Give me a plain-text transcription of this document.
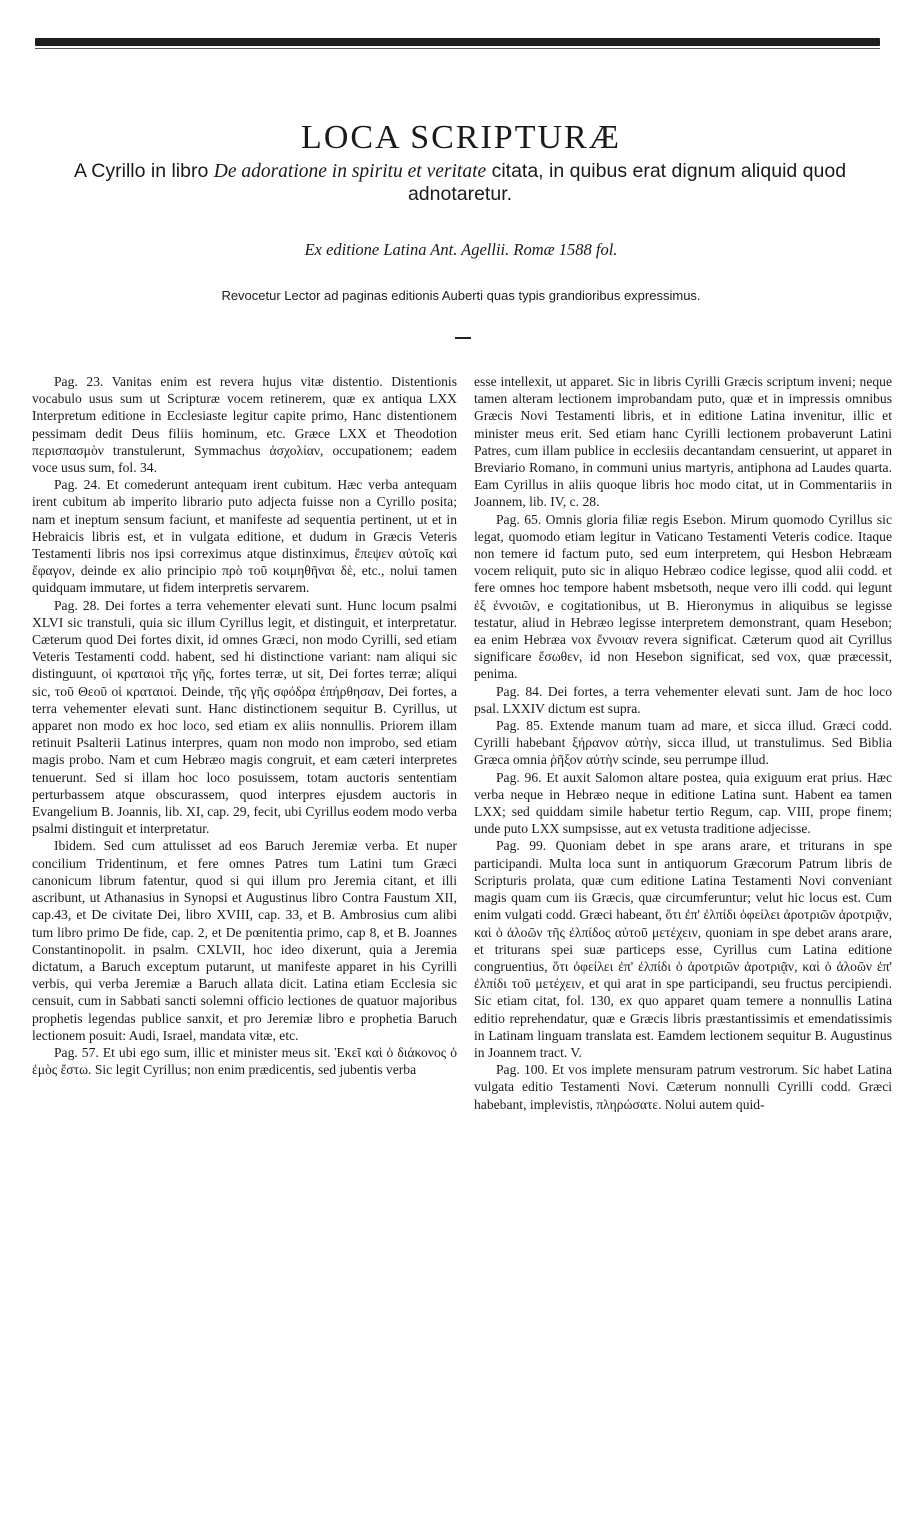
LOCA SCRIPTURÆ
A Cyrillo in libro De adoratione in spiritu et veritate citata, in quibus erat dignum aliquid quod adnotaretur.
Ex editione Latina Ant. Agellii. Romæ 1588 fol.
Revocetur Lector ad paginas editionis Auberti quas typis grandioribus expressimus.

Pag. 23. Vanitas enim est revera hujus vitæ distentio. Distentionis vocabulo usus sum ut Scripturæ vocem retinerem, quæ ex antiqua LXX Interpretum editione in Ecclesiaste legitur capite primo, Hanc distentionem pessimam dedit Deus filiis hominum, etc. Græce LXX et Theodotion περισπασμὸν transtulerunt, Symmachus ἀσχολίαν, occupationem; eadem voce usus sum, fol. 34.

Pag. 24. Et comederunt antequam irent cubitum. Hæc verba antequam irent cubitum ab imperito librario puto adjecta fuisse non a Cyrillo posita; nam et ineptum sensum faciunt, et manifeste ad sequentia pertinent, ut et in Hebraicis libris est, et in vulgata editione, et dudum in Græcis Veteris Testamenti libris nos ipsi correximus atque distinximus, ἔπεψεν αὐτοῖς καὶ ἔφαγον, deinde ex alio principio πρὸ τοῦ κοιμηθῆναι δὲ, etc., nolui tamen quidquam immutare, ut fidem interpretis servarem.

Pag. 28. Dei fortes a terra vehementer elevati sunt. Hunc locum psalmi XLVI sic transtuli, quia sic illum Cyrillus legit, et distinguit, et interpretatur. Cæterum quod Dei fortes dixit, id omnes Græci, non modo Cyrilli, sed etiam Veteris Testamenti codd. habent, sed hi distinctione variant: nam aliqui sic distinguunt, οἱ κραταιοὶ τῆς γῆς, fortes terræ, ut sit, Dei fortes terræ; aliqui sic, τοῦ Θεοῦ οἱ κραταιοί. Deinde, τῆς γῆς σφόδρα ἐπήρθησαν, Dei fortes, a terra vehementer elevati sunt. Hanc distinctionem sequitur B. Cyrillus, ut apparet non modo ex hoc loco, sed etiam ex aliis nonnullis. Priorem illam retinuit Psalterii Latinus interpres, quam non modo non improbo, sed etiam magis probo. Nam et cum Hebræo magis congruit, et eam cæteri interpretes tenuerunt. Sed si illam hoc loco posuissem, totam auctoris sententiam perturbassem atque obscurassem, quod interpres ejusdem auctoris in Evangelium B. Joannis, lib. XI, cap. 29, fecit, ubi Cyrillus eodem modo verba psalmi distinguit et interpretatur.

Ibidem. Sed cum attulisset ad eos Baruch Jeremiæ verba. Et nuper concilium Tridentinum, et fere omnes Patres tum Latini tum Græci canonicum librum fatentur, quod si qui illum pro Jeremia citant, et illi ascribunt, ut Athanasius in Synopsi et Augustinus libro Contra Faustum XII, cap.43, et De civitate Dei, libro XVIII, cap. 33, et B. Ambrosius cum alibi tum libro primo De fide, cap. 2, et De pœnitentia primo, cap 8, et B. Joannes Constantinopolit. in psalm. CXLVII, hoc ideo dixerunt, quia a Jeremia dictatum, a Baruch exceptum putarunt, ut manifeste apparet in his Cyrilli verbis, qui verba Jeremiæ a Baruch allata dicit. Latina etiam Ecclesia sic censuit, cum in Sabbati sancti solemni officio lectiones de quatuor majoribus prophetis legendas publice sanxit, et pro Jeremiæ libro e prophetia Baruch lectionem posuit: Audi, Israel, mandata vitæ, etc.

Pag. 57. Et ubi ego sum, illic et minister meus sit. Ἐκεῖ καὶ ὁ διάκονος ὁ ἐμὸς ἔστω. Sic legit Cyrillus; non enim prædicentis, sed jubentis verba

esse intellexit, ut apparet. Sic in libris Cyrilli Græcis scriptum inveni; neque tamen alteram lectionem improbandam puto, quæ et in impressis omnibus Græcis Novi Testamenti libris, et in editione Latina invenitur, illic et minister meus erit. Sed etiam hanc Cyrilli lectionem probaverunt Latini Patres, cum illam publice in ecclesiis decantandam censuerint, ut apparet in Breviario Romano, in communi unius martyris, antiphona ad Laudes quarta. Eam Cyrillus in aliis quoque libris hoc modo citat, ut in Commentariis in Joannem, lib. IV, c. 28.

Pag. 65. Omnis gloria filiæ regis Esebon. Mirum quomodo Cyrillus sic legat, quomodo etiam legitur in Vaticano Testamenti Veteris codice. Itaque non temere id factum puto, sed eum interpretem, qui Hesbon Hebræam vocem reliquit, puto sic in aliquo Hebræo codice legisse, quod alii codd. et fere omnes hoc tempore habent msbetsoth, neque vero illi codd. qui legunt ἐξ ἐννοιῶν, e cogitationibus, ut B. Hieronymus in aliquibus se legisse testatur, aliud in Hebræo legisse interpretem demonstrant, quam Hesebon; ea enim Hebræa vox ἔννοιαν revera significat. Cæterum quod ait Cyrillus significare ἔσωθεν, id non Hesebon significat, sed vox, quæ præcessit, penima.

Pag. 84. Dei fortes, a terra vehementer elevati sunt. Jam de hoc loco psal. LXXIV dictum est supra.

Pag. 85. Extende manum tuam ad mare, et sicca illud. Græci codd. Cyrilli habebant ξήρανον αὐτὴν, sicca illud, ut transtulimus. Sed Biblia Græca omnia ῥῆξον αὐτὴν scinde, seu perrumpe illud.

Pag. 96. Et auxit Salomon altare postea, quia exiguum erat prius. Hæc verba neque in Hebræo neque in editione Latina sunt. Habent ea tamen LXX; sed quiddam simile habetur tertio Regum, cap. VIII, prope finem; unde puto LXX sumpsisse, aut ex vetusta traditione adjecisse.

Pag. 99. Quoniam debet in spe arans arare, et triturans in spe participandi. Multa loca sunt in antiquorum Græcorum Patrum libris de Scripturis prolata, quæ cum editione Latina Testamenti Novi conveniant magis quam cum iis Græcis, quæ circumferuntur; velut hic locus est. Cum enim vulgati codd. Græci habeant, ὅτι ἐπ' ἐλπίδι ὀφείλει ἀροτριῶν ἀροτριᾷν, καὶ ὁ ἀλοῶν τῆς ἐλπίδος αὐτοῦ μετέχειν, quoniam in spe debet arans arare, et triturans spei suæ particeps esse, Cyrillus cum Latina editione congruentius, ὅτι ὀφείλει ἐπ' ἐλπίδι ὁ ἀροτριῶν ἀροτριᾷν, καὶ ὁ ἀλοῶν ἐπ' ἐλπίδι τοῦ μετέχειν, et qui arat in spe participandi, seu fructus percipiendi. Sic etiam citat, fol. 130, ex quo apparet quam temere a nonnullis Latina editio reprehendatur, quæ e Græcis libris præstantissimis et emendatissimis in Latinam linguam translata est. Eamdem lectionem sequitur B. Augustinus in Joannem tract. V.

Pag. 100. Et vos implete mensuram patrum vestrorum. Sic habet Latina vulgata editio Testamenti Novi. Cæterum nonnulli Cyrilli codd. Græci habebant, implevistis, πληρώσατε. Nolui autem quid-
